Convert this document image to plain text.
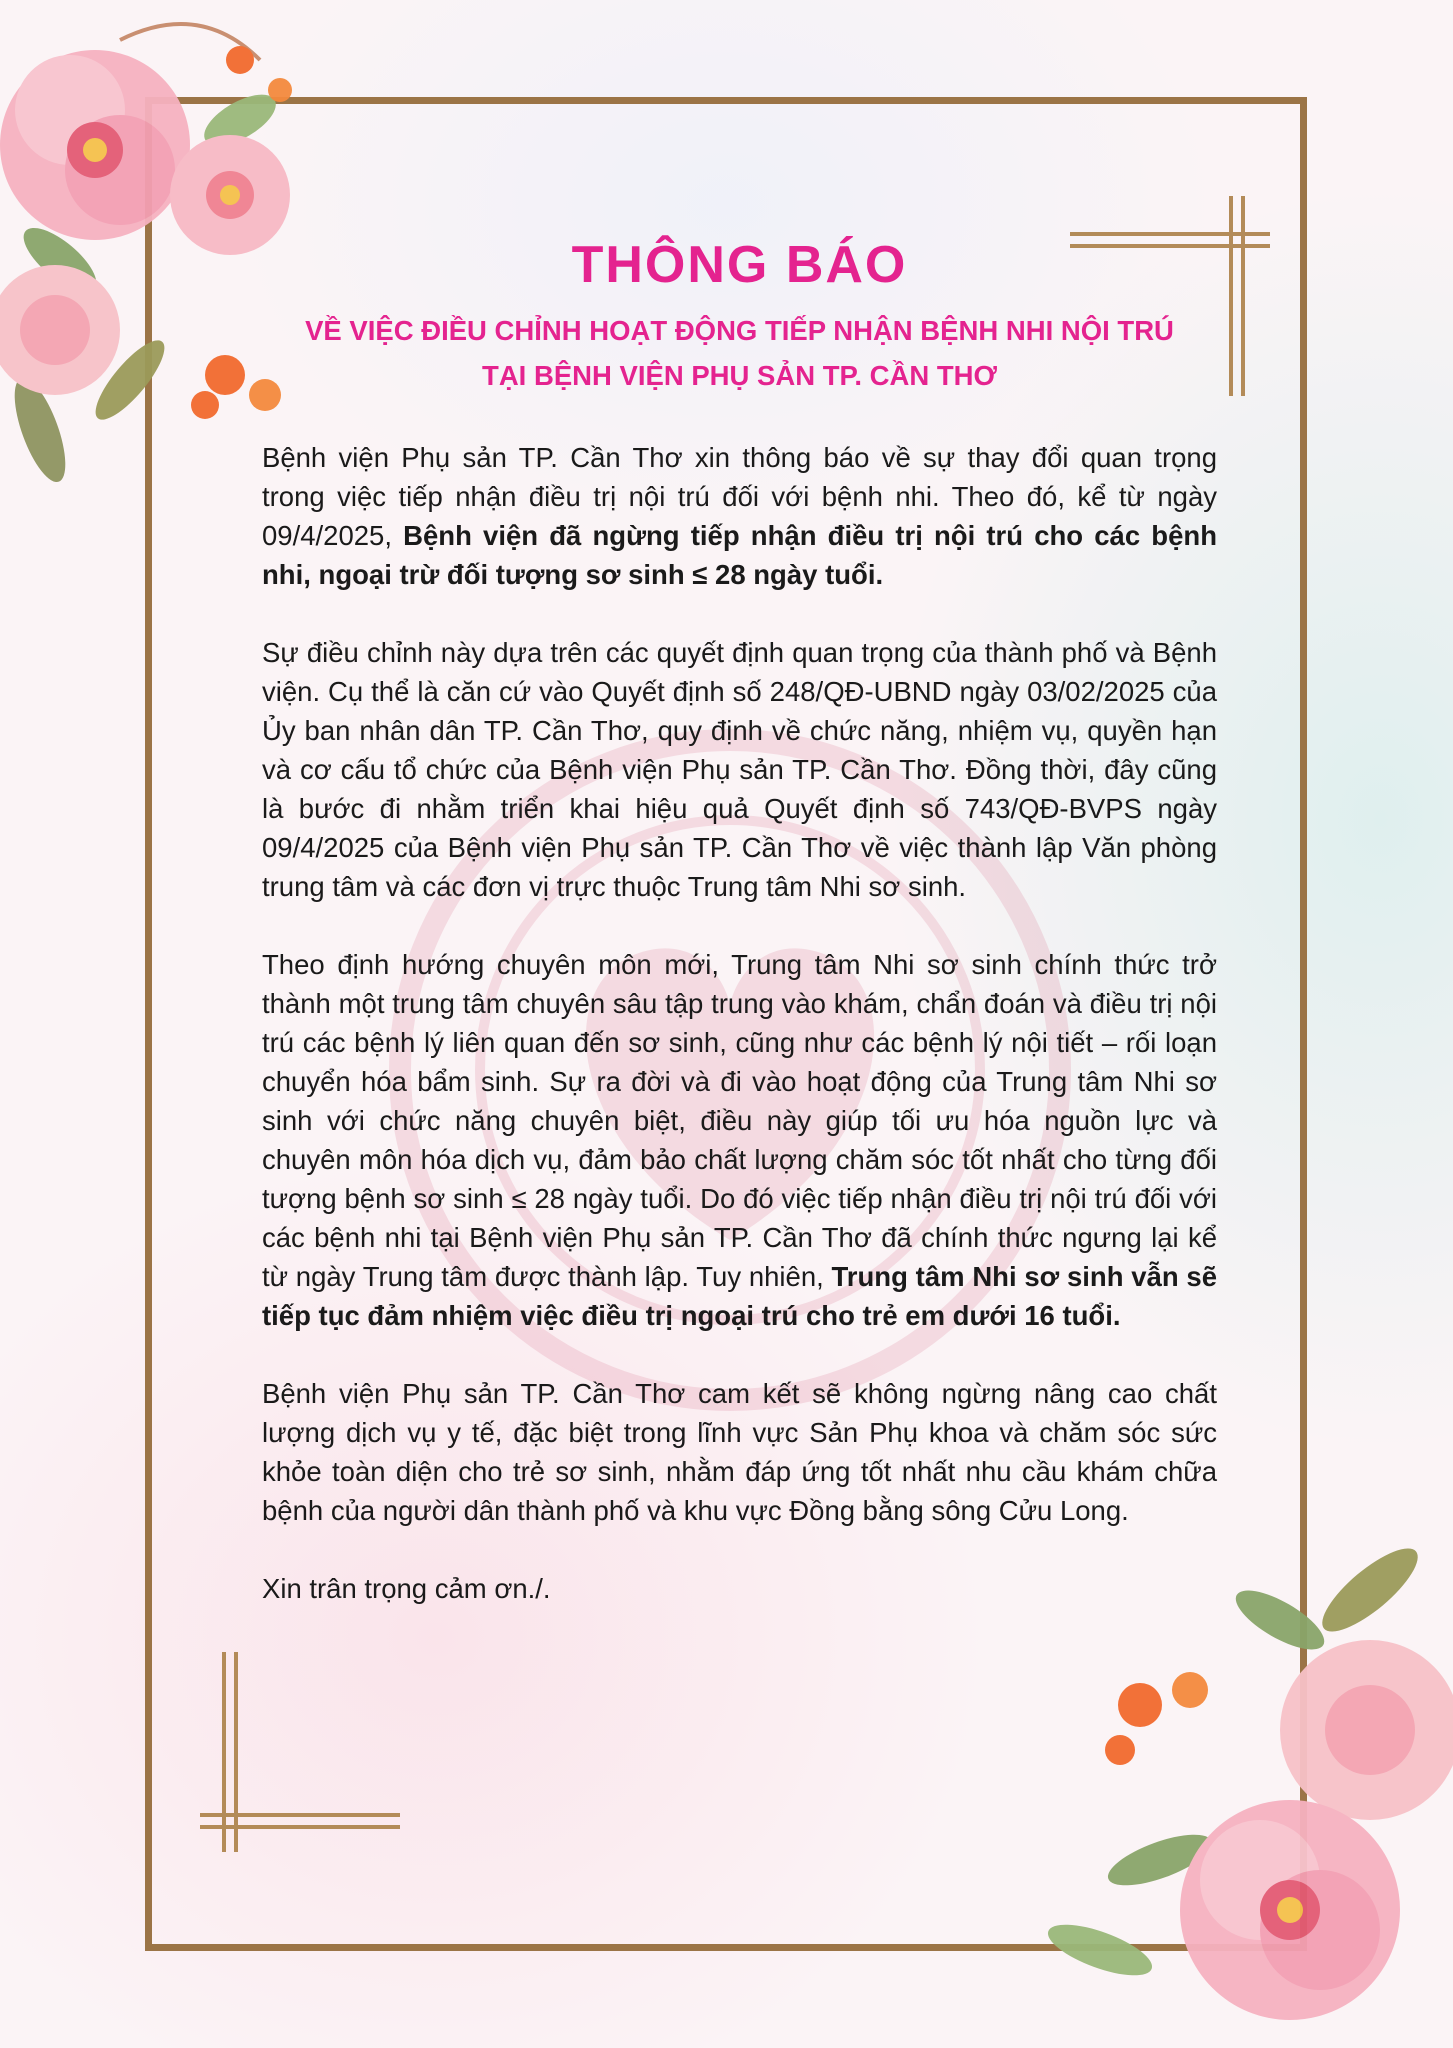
THÔNG BÁO
VỀ VIỆC ĐIỀU CHỈNH HOẠT ĐỘNG TIẾP NHẬN BỆNH NHI NỘI TRÚ
TẠI BỆNH VIỆN PHỤ SẢN TP. CẦN THƠ

Bệnh viện Phụ sản TP. Cần Thơ xin thông báo về sự thay đổi quan trọng trong việc tiếp nhận điều trị nội trú đối với bệnh nhi. Theo đó, kể từ ngày 09/4/2025, Bệnh viện đã ngừng tiếp nhận điều trị nội trú cho các bệnh nhi, ngoại trừ đối tượng sơ sinh ≤ 28 ngày tuổi.

Sự điều chỉnh này dựa trên các quyết định quan trọng của thành phố và Bệnh viện. Cụ thể là căn cứ vào Quyết định số 248/QĐ-UBND ngày 03/02/2025 của Ủy ban nhân dân TP. Cần Thơ, quy định về chức năng, nhiệm vụ, quyền hạn và cơ cấu tổ chức của Bệnh viện Phụ sản TP. Cần Thơ. Đồng thời, đây cũng là bước đi nhằm triển khai hiệu quả Quyết định số 743/QĐ-BVPS ngày 09/4/2025 của Bệnh viện Phụ sản TP. Cần Thơ về việc thành lập Văn phòng trung tâm và các đơn vị trực thuộc Trung tâm Nhi sơ sinh.

Theo định hướng chuyên môn mới, Trung tâm Nhi sơ sinh chính thức trở thành một trung tâm chuyên sâu tập trung vào khám, chẩn đoán và điều trị nội trú các bệnh lý liên quan đến sơ sinh, cũng như các bệnh lý nội tiết – rối loạn chuyển hóa bẩm sinh. Sự ra đời và đi vào hoạt động của Trung tâm Nhi sơ sinh với chức năng chuyên biệt, điều này giúp tối ưu hóa nguồn lực và chuyên môn hóa dịch vụ, đảm bảo chất lượng chăm sóc tốt nhất cho từng đối tượng bệnh sơ sinh ≤ 28 ngày tuổi. Do đó việc tiếp nhận điều trị nội trú đối với các bệnh nhi tại Bệnh viện Phụ sản TP. Cần Thơ đã chính thức ngưng lại kể từ ngày Trung tâm được thành lập. Tuy nhiên, Trung tâm Nhi sơ sinh vẫn sẽ tiếp tục đảm nhiệm việc điều trị ngoại trú cho trẻ em dưới 16 tuổi.

Bệnh viện Phụ sản TP. Cần Thơ cam kết sẽ không ngừng nâng cao chất lượng dịch vụ y tế, đặc biệt trong lĩnh vực Sản Phụ khoa và chăm sóc sức khỏe toàn diện cho trẻ sơ sinh, nhằm đáp ứng tốt nhất nhu cầu khám chữa bệnh của người dân thành phố và khu vực Đồng bằng sông Cửu Long.

Xin trân trọng cảm ơn./.
